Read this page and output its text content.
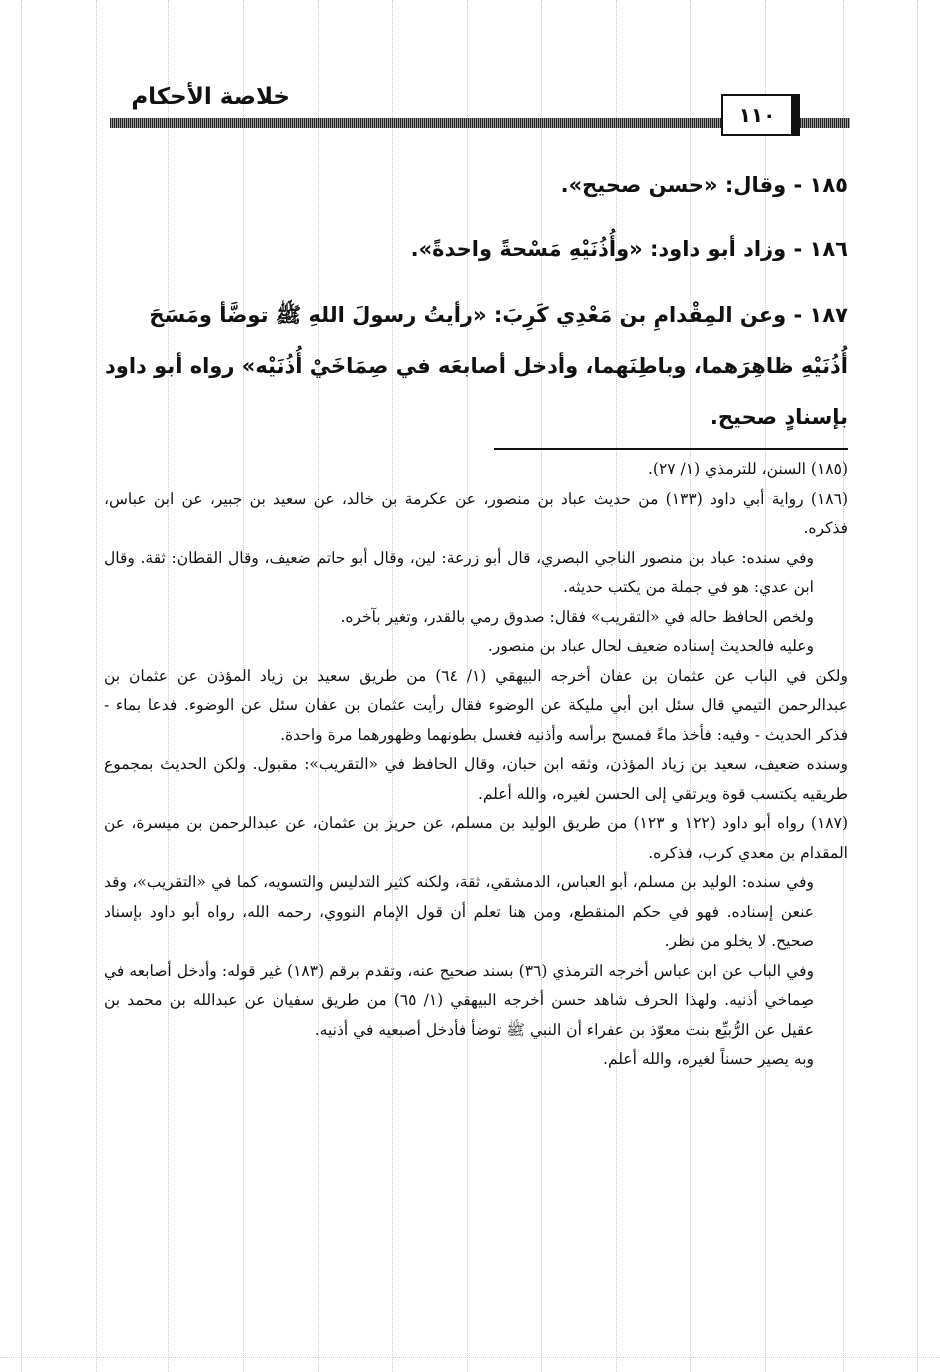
خلاصة الأحكام
١١٠

١٨٥ - وقال: «حسن صحيح».

١٨٦ - وزاد أبو داود: «وأُذُنَيْهِ مَسْحةً واحدةً».

١٨٧ - وعن المِقْدامِ بن مَعْدِي كَرِبَ: «رأيتُ رسولَ اللهِ ﷺ توضَّأ ومَسَحَ أُذُنَيْهِ ظاهِرَهما، وباطِنَهما، وأدخل أصابعَه في صِمَاخَيْ أُذُنَيْه» رواه أبو داود بإسنادٍ صحيح.

(١٨٥) السنن، للترمذي (١/ ٢٧).

(١٨٦) رواية أبي داود (١٣٣) من حديث عباد بن منصور، عن عكرمة بن خالد، عن سعيد بن جبير، عن ابن عباس، فذكره.

وفي سنده: عباد بن منصور الناجي البصري، قال أبو زرعة: لين، وقال أبو حاتم ضعيف، وقال القطان: ثقة. وقال ابن عدي: هو في جملة من يكتب حديثه.

ولخص الحافظ حاله في «التقريب» فقال: صدوق رمي بالقدر، وتغير بآخره.

وعليه فالحديث إسناده ضعيف لحال عباد بن منصور.

ولكن في الباب عن عثمان بن عفان أخرجه البيهقي (١/ ٦٤) من طريق سعيد بن زياد المؤذن عن عثمان بن عبدالرحمن التيمي قال سئل ابن أبي مليكة عن الوضوء فقال رأيت عثمان بن عفان سئل عن الوضوء. فدعا بماء - فذكر الحديث - وفيه: فأخذ ماءً فمسح برأسه وأذنيه فغسل بطونهما وظهورهما مرة واحدة.

وسنده ضعيف، سعيد بن زياد المؤذن، وثقه ابن حبان، وقال الحافظ في «التقريب»: مقبول. ولكن الحديث بمجموع طريقيه يكتسب قوة ويرتقي إلى الحسن لغيره، والله أعلم.

(١٨٧) رواه أبو داود (١٢٢ و ١٢٣) من طريق الوليد بن مسلم، عن حريز بن عثمان، عن عبدالرحمن بن ميسرة، عن المقدام بن معدي كرب، فذكره.

وفي سنده: الوليد بن مسلم، أبو العباس، الدمشقي، ثقة، ولكنه كثير التدليس والتسويه، كما في «التقريب»، وقد عنعن إسناده. فهو في حكم المنقطع، ومن هنا تعلم أن قول الإمام النووي، رحمه الله، رواه أبو داود بإسناد صحيح. لا يخلو من نظر.

وفي الباب عن ابن عباس أخرجه الترمذي (٣٦) بسند صحيح عنه، وتقدم برقم (١٨٣) غير قوله: وأدخل أصابعه في صِماخي أذنيه. ولهذا الحرف شاهد حسن أخرجه البيهقي (١/ ٦٥) من طريق سفيان عن عبدالله بن محمد بن عقيل عن الرُّبيِّع بنت معوّذ بن عفراء أن النبي ﷺ توضأ فأدخل أصبعيه في أذنيه.

وبه يصير حسناً لغيره، والله أعلم.
